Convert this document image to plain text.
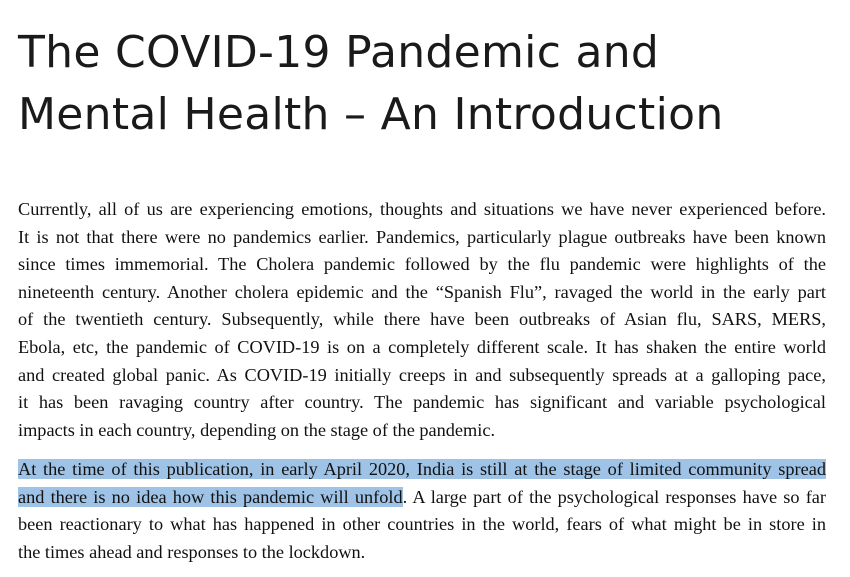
The COVID-19 Pandemic and
Mental Health – An Introduction

Currently, all of us are experiencing emotions, thoughts and situations we have never experienced before.
It is not that there were no pandemics earlier. Pandemics, particularly plague outbreaks have been known
since times immemorial. The Cholera pandemic followed by the flu pandemic were highlights of the
nineteenth century. Another cholera epidemic and the “Spanish Flu”, ravaged the world in the early part
of the twentieth century. Subsequently, while there have been outbreaks of Asian flu, SARS, MERS,
Ebola, etc, the pandemic of COVID-19 is on a completely different scale. It has shaken the entire world
and created global panic. As COVID-19 initially creeps in and subsequently spreads at a galloping pace,
it has been ravaging country after country. The pandemic has significant and variable psychological
impacts in each country, depending on the stage of the pandemic.

At the time of this publication, in early April 2020, India is still at the stage of limited community spread
and there is no idea how this pandemic will unfold. A large part of the psychological responses have so far
been reactionary to what has happened in other countries in the world, fears of what might be in store in
the times ahead and responses to the lockdown.
